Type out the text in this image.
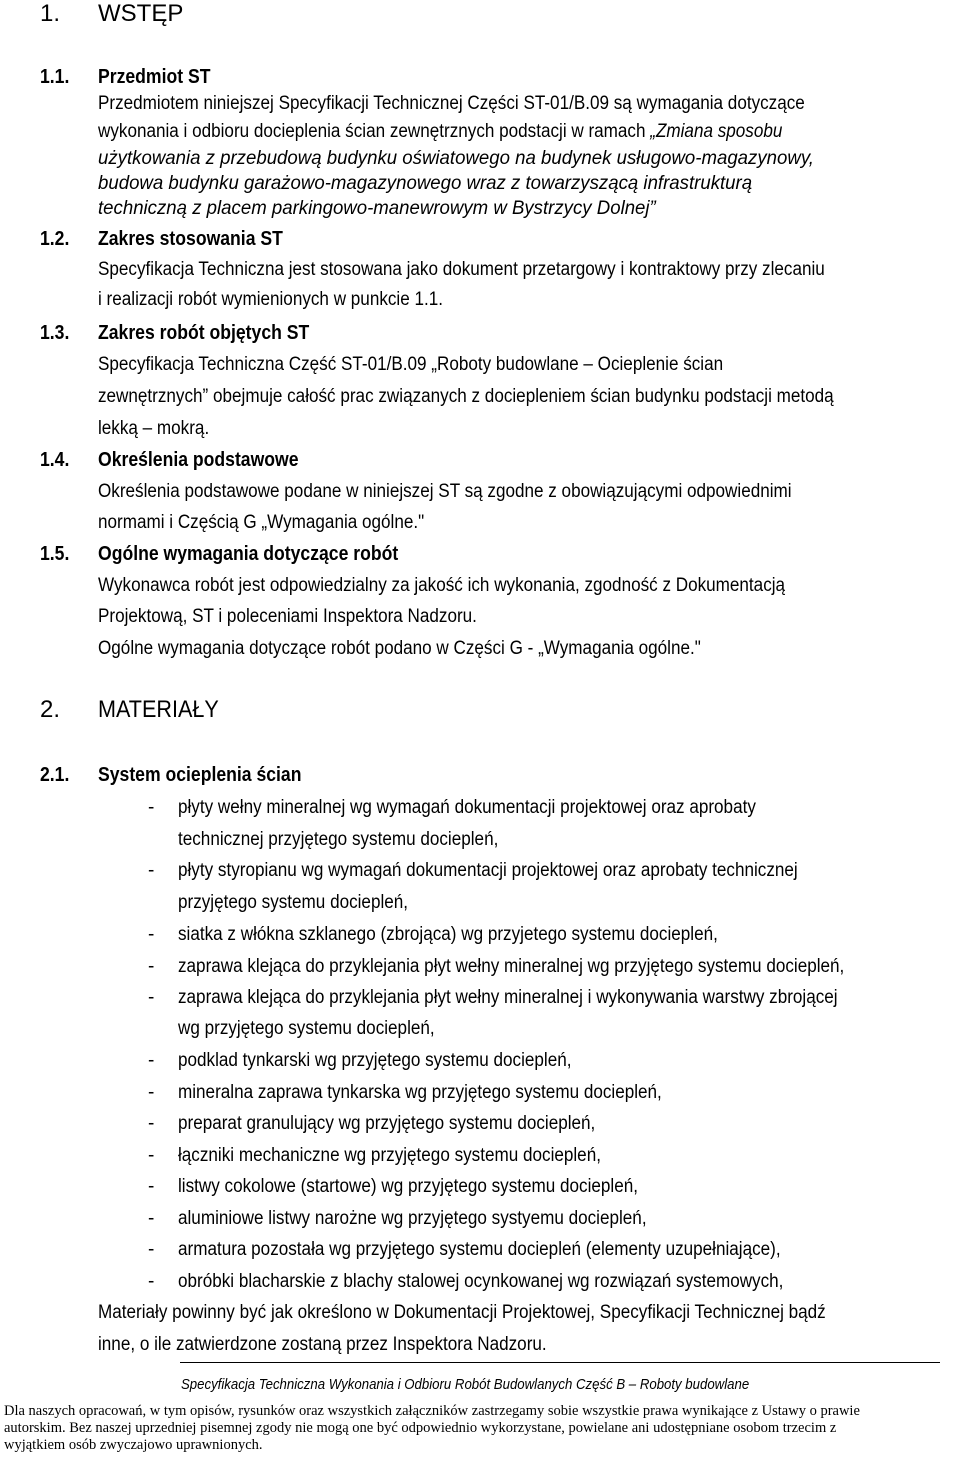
1. WSTĘP
1.1. Przedmiot ST
Przedmiotem niniejszej Specyfikacji Technicznej Części ST-01/B.09 są wymagania dotyczące
wykonania i odbioru docieplenia ścian zewnętrznych podstacji w ramach „Zmiana sposobu
użytkowania z przebudową budynku oświatowego na budynek usługowo-magazynowy,
budowa budynku garażowo-magazynowego wraz z towarzyszącą infrastrukturą
techniczną z placem parkingowo-manewrowym w Bystrzycy Dolnej”
1.2. Zakres stosowania ST
Specyfikacja Techniczna jest stosowana jako dokument przetargowy i kontraktowy przy zlecaniu
i realizacji robót wymienionych w punkcie 1.1.
1.3. Zakres robót objętych ST
Specyfikacja Techniczna Część ST-01/B.09 „Roboty budowlane – Ocieplenie ścian
zewnętrznych” obejmuje całość prac związanych z dociepleniem ścian budynku podstacji metodą
lekką – mokrą.
1.4. Określenia podstawowe
Określenia podstawowe podane w niniejszej ST są zgodne z obowiązującymi odpowiednimi
normami i Częścią G „Wymagania ogólne."
1.5. Ogólne wymagania dotyczące robót
Wykonawca robót jest odpowiedzialny za jakość ich wykonania, zgodność z Dokumentacją
Projektową, ST i poleceniami Inspektora Nadzoru.
Ogólne wymagania dotyczące robót podano w Części G - „Wymagania ogólne."
2. MATERIAŁY
2.1. System ocieplenia ścian
- płyty wełny mineralnej wg wymagań dokumentacji projektowej oraz aprobaty
technicznej przyjętego systemu dociepleń,
- płyty styropianu wg wymagań dokumentacji projektowej oraz aprobaty technicznej
przyjętego systemu dociepleń,
- siatka z włókna szklanego (zbrojąca) wg przyjetego systemu dociepleń,
- zaprawa klejąca do przyklejania płyt wełny mineralnej wg przyjętego systemu dociepleń,
- zaprawa klejąca do przyklejania płyt wełny mineralnej i wykonywania warstwy zbrojącej
wg przyjętego systemu dociepleń,
- podklad tynkarski wg przyjętego systemu dociepleń,
- mineralna zaprawa tynkarska wg przyjętego systemu dociepleń,
- preparat granulujący wg przyjętego systemu dociepleń,
- łączniki mechaniczne wg przyjętego systemu dociepleń,
- listwy cokolowe (startowe) wg przyjętego systemu dociepleń,
- aluminiowe listwy narożne wg przyjętego systyemu dociepleń,
- armatura pozostała wg przyjętego systemu dociepleń (elementy uzupełniające),
- obróbki blacharskie z blachy stalowej ocynkowanej wg rozwiązań systemowych,
Materiały powinny być jak określono w Dokumentacji Projektowej, Specyfikacji Technicznej bądź
inne, o ile zatwierdzone zostaną przez Inspektora Nadzoru.
Specyfikacja Techniczna Wykonania i Odbioru Robót Budowlanych Część B – Roboty budowlane
Dla naszych opracowań, w tym opisów, rysunków oraz wszystkich załączników zastrzegamy sobie wszystkie prawa wynikające z Ustawy o prawie
autorskim. Bez naszej uprzedniej pisemnej zgody nie mogą one być odpowiednio wykorzystane, powielane ani udostępniane osobom trzecim z
wyjątkiem osób zwyczajowo uprawnionych.
